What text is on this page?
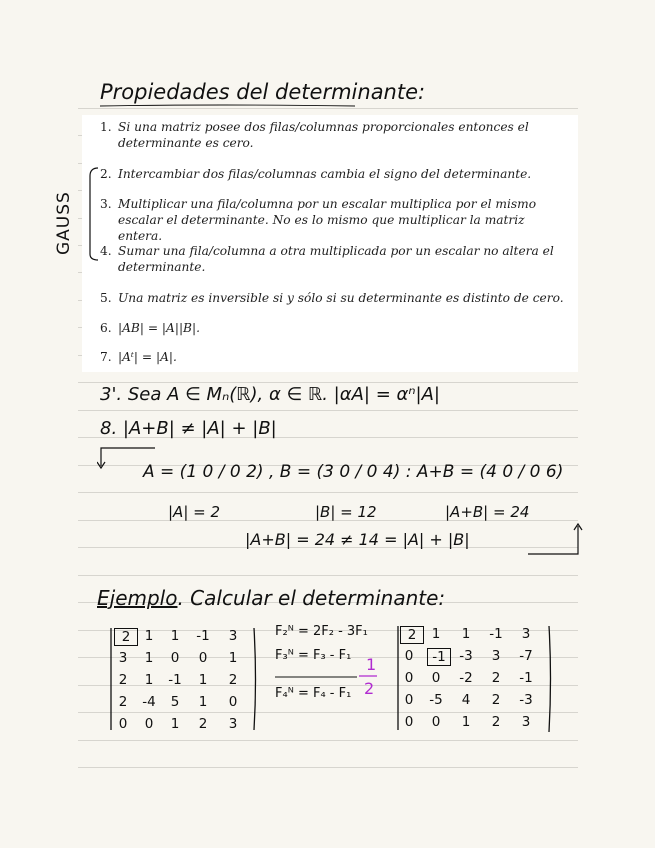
Propiedades del determinante:
1. Si una matriz posee dos filas/columnas proporcionales entonces el determinante es cero.
2. Intercambiar dos filas/columnas cambia el signo del determinante.
3. Multiplicar una fila/columna por un escalar multiplica por el mismo escalar el determinante. No es lo mismo que multiplicar la matriz entera.
4. Sumar una fila/columna a otra multiplicada por un escalar no altera el determinante.
5. Una matriz es inversible si y sólo si su determinante es distinto de cero.
6. |AB| = |A||B|.
7. |Aᵗ| = |A|.
GAUSS
3'. Sea A ∈ Mₙ(ℝ), α ∈ ℝ. |αA| = αⁿ|A|
8. |A+B| ≠ |A| + |B|
A = (1 0 / 0 2) , B = (3 0 / 0 4) : A+B = (4 0 / 0 6)
|A| = 2	|B| = 12	|A+B| = 24
|A+B| = 24 ≠ 14 = |A| + |B|
Ejemplo. Calcular el determinante:
2	1	1	-1	3
3	1	0	0	1
2	1	-1	1	2
2	-4	5	1	0
0	0	1	2	3
F₂ᴺ = 2F₂ - 3F₁
F₃ᴺ = F₃ - F₁
F₄ᴺ = F₄ - F₁
1
2
2	1	1	-1	3
0	-1	-3	3	-7
0	0	-2	2	-1
0	-5	4	2	-3
0	0	1	2	3
